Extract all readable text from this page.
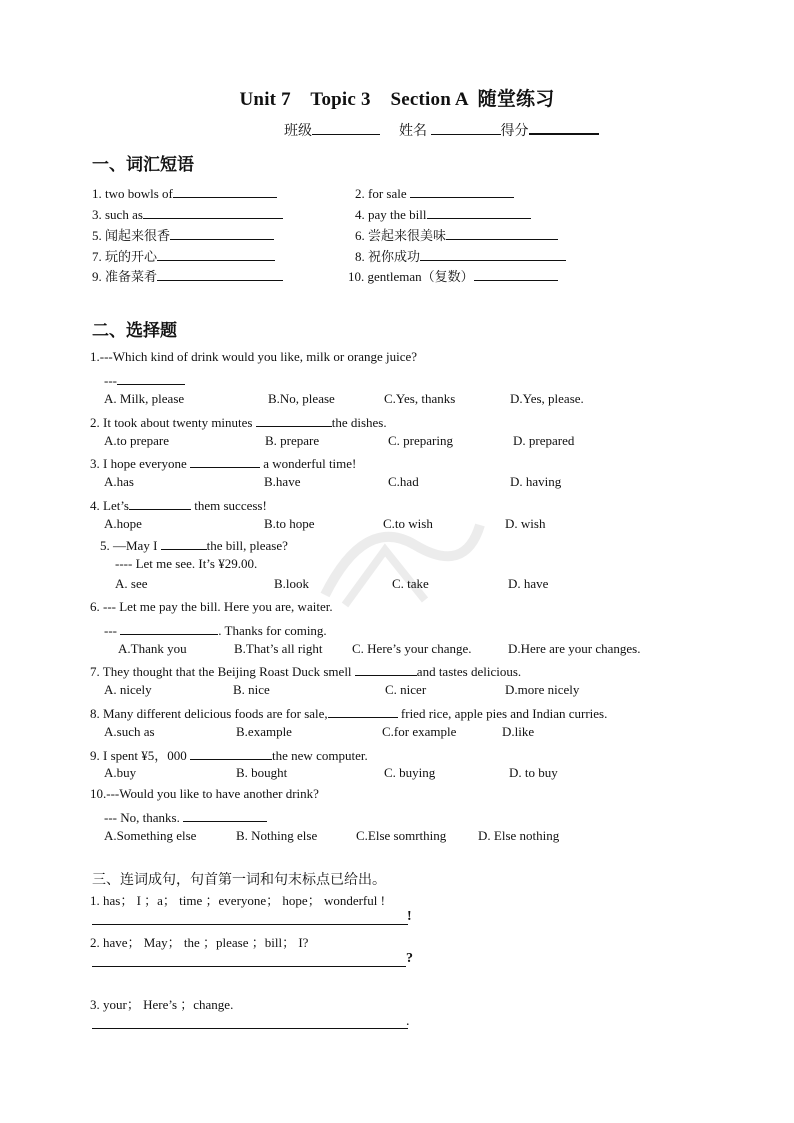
Unit 7    Topic 3    Section A  随堂练习
班级	姓名	得分
一、词汇短语
1. two bowls of	2. for sale
3. such as	4. pay the bill
5. 闻起来很香	6. 尝起来很美味
7. 玩的开心	8. 祝你成功
9. 准备菜肴	10. gentleman（复数）
二、选择题
1.---Which kind of drink would you like, milk or orange juice?
---
A. Milk, please	B.No, please	C.Yes, thanks	D.Yes, please.
2. It took about twenty minutes	the dishes.
A.to prepare	B. prepare	C. preparing	D. prepared
3. I hope everyone	a wonderful time!
A.has	B.have	C.had	D. having
4. Let’s	them success!
A.hope	B.to hope	C.to wish	D. wish
5. —May I	the bill, please?
---- Let me see. It’s ¥29.00.
A. see	B.look	C. take	D. have
6. --- Let me pay the bill. Here you are, waiter.
---	. Thanks for coming.
A.Thank you	B.That’s all right C. Here’s your change.	D.Here are your changes.
7. They thought that the Beijing Roast Duck smell	and tastes delicious.
A. nicely	B. nice	C. nicer	D.more nicely
8. Many different delicious foods are for sale,	fried rice, apple pies and Indian curries.
A.such as	B.example	C.for example	D.like
9. I spent ¥5，000	the new computer.
A.buy	B. bought	C. buying	D. to buy
10.---Would you like to have another drink?
--- No, thanks.
A.Something else	B. Nothing else	C.Else somrthing D. Else nothing
三、连词成句，句首第一词和句末标点已给出。
1. has； I ；a； time ；everyone； hope； wonderful !
!
2. have； May； the ；please ；bill； I?
?
3. your； Here’s ；change.
.
